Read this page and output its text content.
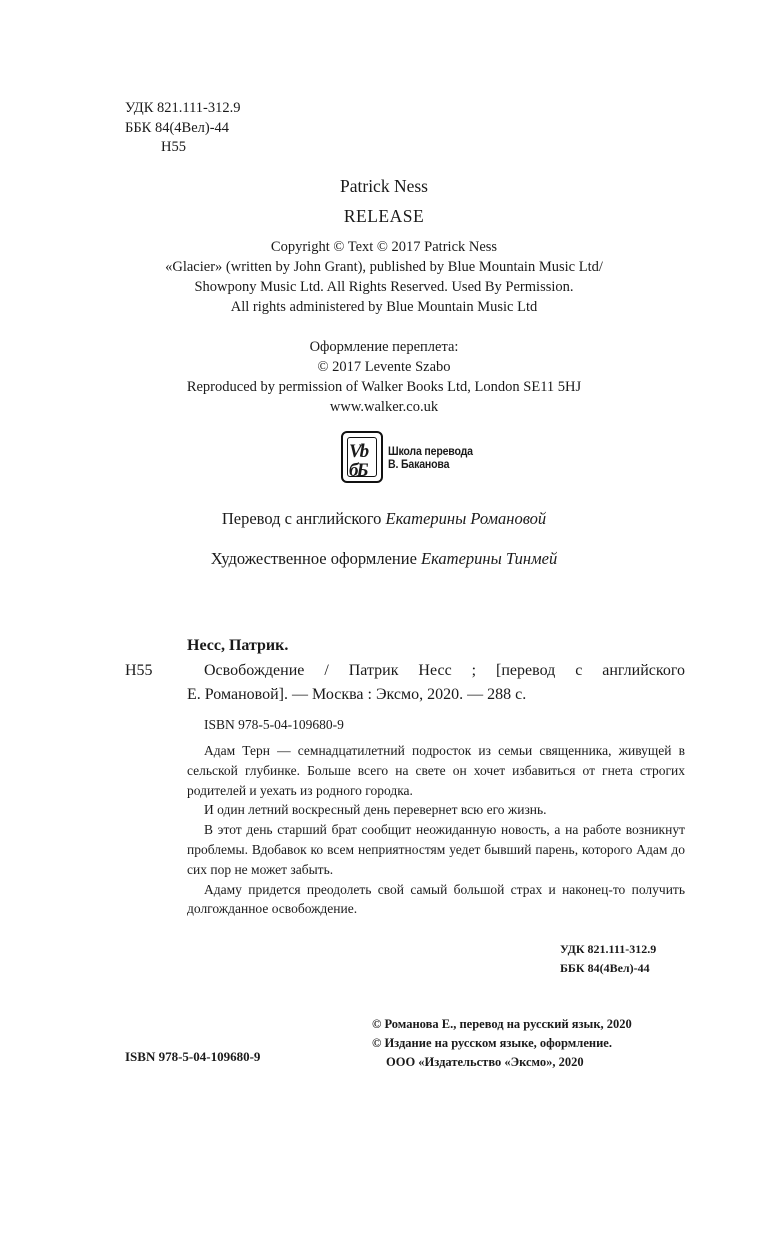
УДК 821.111-312.9
ББК 84(4Вел)-44
Н55
Patrick Ness
RELEASE
Copyright © Text © 2017 Patrick Ness
«Glacier» (written by John Grant), published by Blue Mountain Music Ltd/
Showpony Music Ltd. All Rights Reserved. Used By Permission.
All rights administered by Blue Mountain Music Ltd
Оформление переплета:
© 2017 Levente Szabo
Reproduced by permission of Walker Books Ltd, London SE11 5HJ
www.walker.co.uk
Vb бБ
Школа перевода
В. Баканова
Перевод с английского Екатерины Романовой
Художественное оформление Екатерины Тинмей
Несс, Патрик.
Н55	Освобождение / Патрик Несс ; [перевод с английского
Е. Романовой]. — Москва : Эксмо, 2020. — 288 с.
ISBN 978-5-04-109680-9

Адам Терн — семнадцатилетний подросток из семьи священника, живущей в сельской глубинке. Больше всего на свете он хочет избавиться от гнета строгих родителей и уехать из родного городка.

И один летний воскресный день перевернет всю его жизнь.

В этот день старший брат сообщит неожиданную новость, а на работе возникнут проблемы. Вдобавок ко всем неприятностям уедет бывший парень, которого Адам до сих пор не может забыть.

Адаму придется преодолеть свой самый большой страх и наконец-то получить долгожданное освобождение.

УДК 821.111-312.9
ББК 84(4Вел)-44
© Романова Е., перевод на русский язык, 2020
© Издание на русском языке, оформление.
ООО «Издательство «Эксмо», 2020
ISBN 978-5-04-109680-9
